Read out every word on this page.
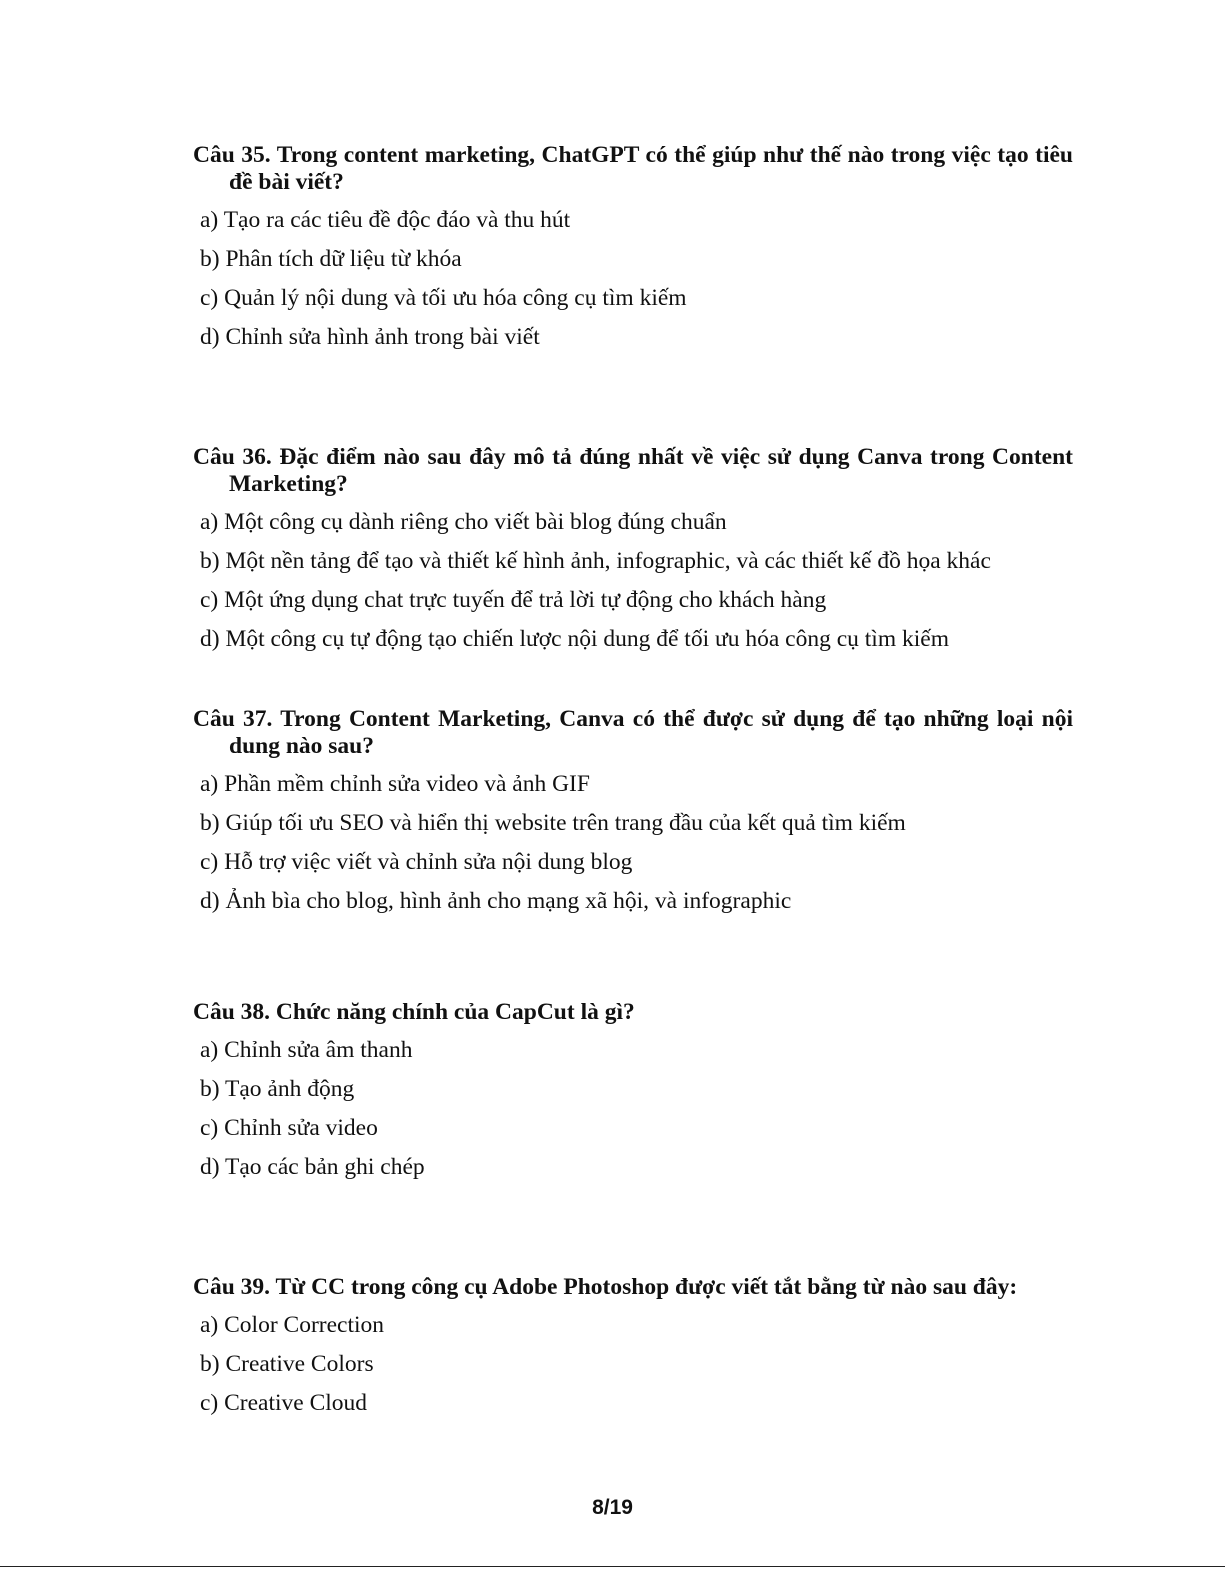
Câu 35. Trong content marketing, ChatGPT có thể giúp như thế nào trong việc tạo tiêu đề bài viết?

a) Tạo ra các tiêu đề độc đáo và thu hút
b) Phân tích dữ liệu từ khóa
c) Quản lý nội dung và tối ưu hóa công cụ tìm kiếm
d) Chỉnh sửa hình ảnh trong bài viết

Câu 36. Đặc điểm nào sau đây mô tả đúng nhất về việc sử dụng Canva trong Content Marketing?

a) Một công cụ dành riêng cho viết bài blog đúng chuẩn
b) Một nền tảng để tạo và thiết kế hình ảnh, infographic, và các thiết kế đồ họa khác
c) Một ứng dụng chat trực tuyến để trả lời tự động cho khách hàng
d) Một công cụ tự động tạo chiến lược nội dung để tối ưu hóa công cụ tìm kiếm

Câu 37. Trong Content Marketing, Canva có thể được sử dụng để tạo những loại nội dung nào sau?

a) Phần mềm chỉnh sửa video và ảnh GIF
b) Giúp tối ưu SEO và hiển thị website trên trang đầu của kết quả tìm kiếm
c) Hỗ trợ việc viết và chỉnh sửa nội dung blog
d) Ảnh bìa cho blog, hình ảnh cho mạng xã hội, và infographic

Câu 38. Chức năng chính của CapCut là gì?

a) Chỉnh sửa âm thanh
b) Tạo ảnh động
c) Chỉnh sửa video
d) Tạo các bản ghi chép

Câu 39. Từ CC trong công cụ Adobe Photoshop được viết tắt bằng từ nào sau đây:

a) Color Correction
b) Creative Colors
c) Creative Cloud
8/19
